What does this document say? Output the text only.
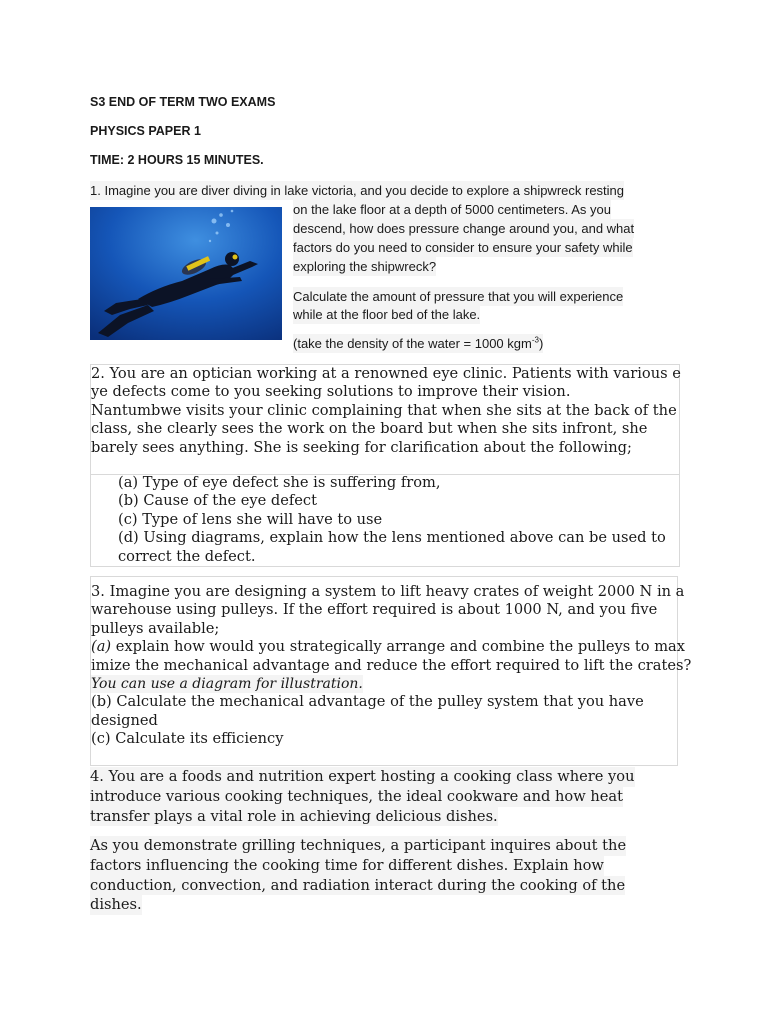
S3 END OF TERM TWO EXAMS
PHYSICS PAPER 1
TIME: 2 HOURS 15 MINUTES.
1. Imagine you are diver diving in lake victoria, and you decide to explore a shipwreck resting
on the lake floor at a depth of 5000 centimeters. As you
descend, how does pressure change around you, and what
factors do you need to consider to ensure your safety while
exploring the shipwreck?
Calculate the amount of pressure that you will experience
while at the floor bed of the lake.
(take the density of the water = 1000 kgm$^{-3}$)
2. You are an optician working at a renowned eye clinic. Patients with various e
ye defects come to you seeking solutions to improve their vision.
Nantumbwe visits your clinic complaining that when she sits at the back of the
class, she clearly sees the work on the board but when she sits infront, she
barely sees anything. She is seeking for clarification about the following;
(a) Type of eye defect she is suffering from,
(b) Cause of the eye defect
(c) Type of lens she will have to use
(d) Using diagrams, explain how the lens mentioned above can be used to
correct the defect.
3. Imagine you are designing a system to lift heavy crates of weight 2000 N in a
warehouse using pulleys. If the effort required is about 1000 N, and you five
pulleys available;
(a) explain how would you strategically arrange and combine the pulleys to max
imize the mechanical advantage and reduce the effort required to lift the crates?
You can use a diagram for illustration.
(b) Calculate the mechanical advantage of the pulley system that you have
designed
(c) Calculate its efficiency
4. You are a foods and nutrition expert hosting a cooking class where you introduce various cooking techniques, the ideal cookware and how heat transfer plays a vital role in achieving delicious dishes.
As you demonstrate grilling techniques, a participant inquires about the factors influencing the cooking time for different dishes. Explain how conduction, convection, and radiation interact during the cooking of the dishes.
